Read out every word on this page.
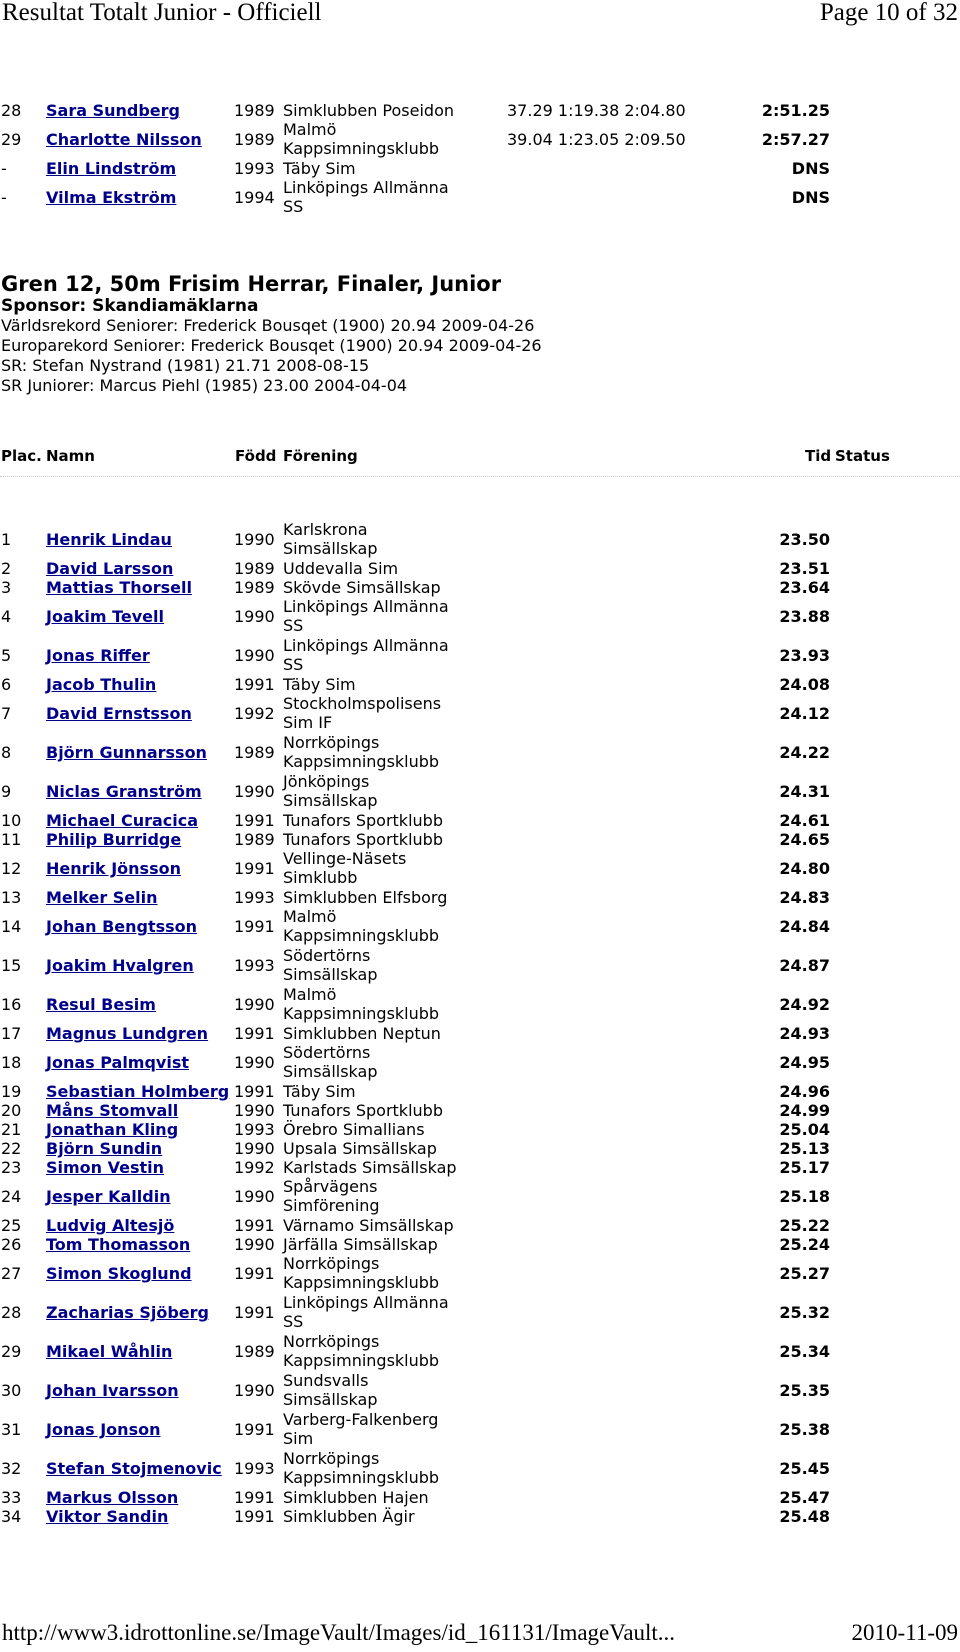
Resultat Totalt Junior - Officiell	Page 10 of 32
28 Sara Sundberg	1989 Simklubben Poseidon	37.29 1:19.38 2:04.80	2:51.25
29 Charlotte Nilsson 1989
Malmö
Kappsimningsklubb	39.04 1:23.05 2:09.50	2:57.27
- Elin Lindström	1993 Täby Sim	DNS
- Vilma Ekström	1994
Linköpings Allmänna
SS	DNS
Gren 12, 50m Frisim Herrar, Finaler, Junior
Sponsor: Skandiamäklarna
Världsrekord Seniorer: Frederick Bousqet (1900) 20.94 2009-04-26
Europarekord Seniorer: Frederick Bousqet (1900) 20.94 2009-04-26
SR: Stefan Nystrand (1981) 21.71 2008-08-15
SR Juniorer: Marcus Piehl (1985) 23.00 2004-04-04
Plac. Namn	Född Förening	Tid Status
1 Henrik Lindau	1990
Karlskrona
Simsällskap	23.50
2 David Larsson	1989 Uddevalla Sim	23.51
3 Mattias Thorsell	1989 Skövde Simsällskap	23.64
4 Joakim Tevell	1990
Linköpings Allmänna
SS	23.88
5 Jonas Riffer	1990
Linköpings Allmänna
SS	23.93
6 Jacob Thulin	1991 Täby Sim	24.08
7 David Ernstsson	1992
Stockholmspolisens
Sim IF	24.12
8 Björn Gunnarsson 1989
Norrköpings
Kappsimningsklubb	24.22
9 Niclas Granström 1990
Jönköpings
Simsällskap	24.31
10 Michael Curacica 1991 Tunafors Sportklubb	24.61
11 Philip Burridge	1989 Tunafors Sportklubb	24.65
12 Henrik Jönsson	1991
Vellinge-Näsets
Simklubb	24.80
13 Melker Selin	1993 Simklubben Elfsborg	24.83
14 Johan Bengtsson 1991
Malmö
Kappsimningsklubb	24.84
15 Joakim Hvalgren	1993
Södertörns
Simsällskap	24.87
16 Resul Besim	1990
Malmö
Kappsimningsklubb	24.92
17 Magnus Lundgren 1991 Simklubben Neptun	24.93
18 Jonas Palmqvist	1990
Södertörns
Simsällskap	24.95
19 Sebastian Holmberg 1991 Täby Sim	24.96
20 Måns Stomvall	1990 Tunafors Sportklubb	24.99
21 Jonathan Kling	1993 Örebro Simallians	25.04
22 Björn Sundin	1990 Upsala Simsällskap	25.13
23 Simon Vestin	1992 Karlstads Simsällskap	25.17
24 Jesper Kalldin	1990
Spårvägens
Simförening	25.18
25 Ludvig Altesjö	1991 Värnamo Simsällskap	25.22
26 Tom Thomasson	1990 Järfälla Simsällskap	25.24
27 Simon Skoglund	1991
Norrköpings
Kappsimningsklubb	25.27
28 Zacharias Sjöberg 1991
Linköpings Allmänna
SS	25.32
29 Mikael Wåhlin	1989
Norrköpings
Kappsimningsklubb	25.34
30 Johan Ivarsson	1990
Sundsvalls
Simsällskap	25.35
31 Jonas Jonson	1991
Varberg-Falkenberg
Sim	25.38
32 Stefan Stojmenovic 1993
Norrköpings
Kappsimningsklubb	25.45
33 Markus Olsson	1991 Simklubben Hajen	25.47
34 Viktor Sandin	1991 Simklubben Ägir	25.48
http://www3.idrottonline.se/ImageVault/Images/id_161131/ImageVault...	2010-11-09
